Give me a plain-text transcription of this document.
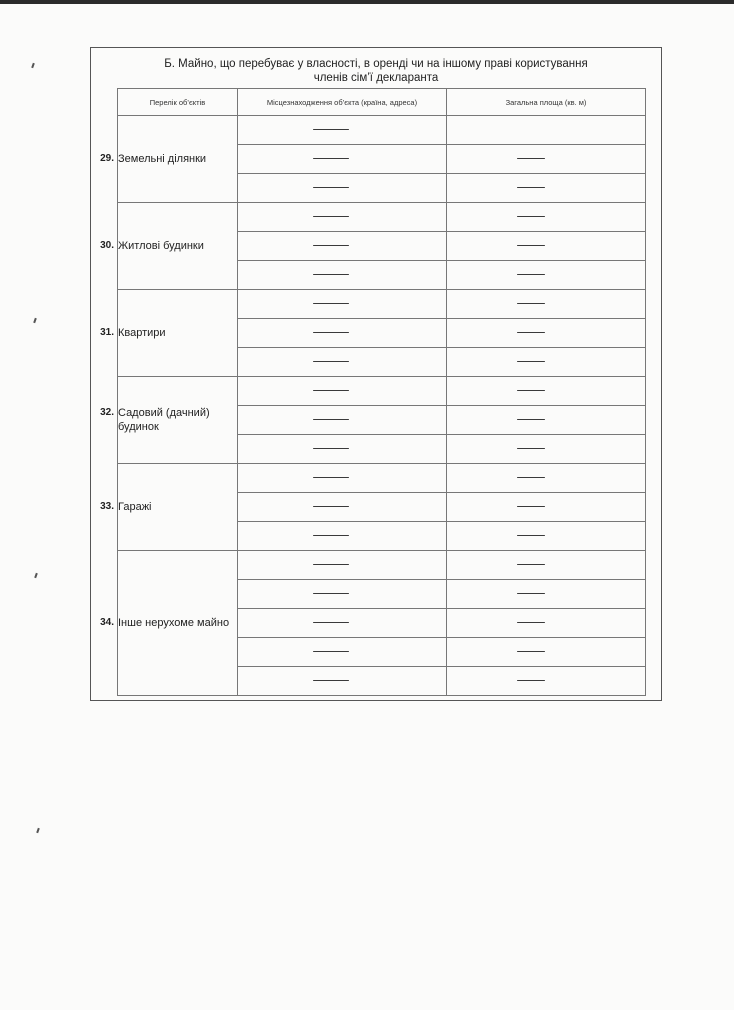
Б. Майно, що перебуває у власності, в оренді чи на іншому праві користування
членів сім’ї декларанта
Перелік об’єктів	Місцезнаходження об’єкта (країна, адреса)	Загальна площа (кв. м)

29. Земельні ділянки		

30. Житлові будинки		

31. Квартири		

32. Садовий (дачний) будинок		

33. Гаражі		

34. Інше нерухоме майно		
